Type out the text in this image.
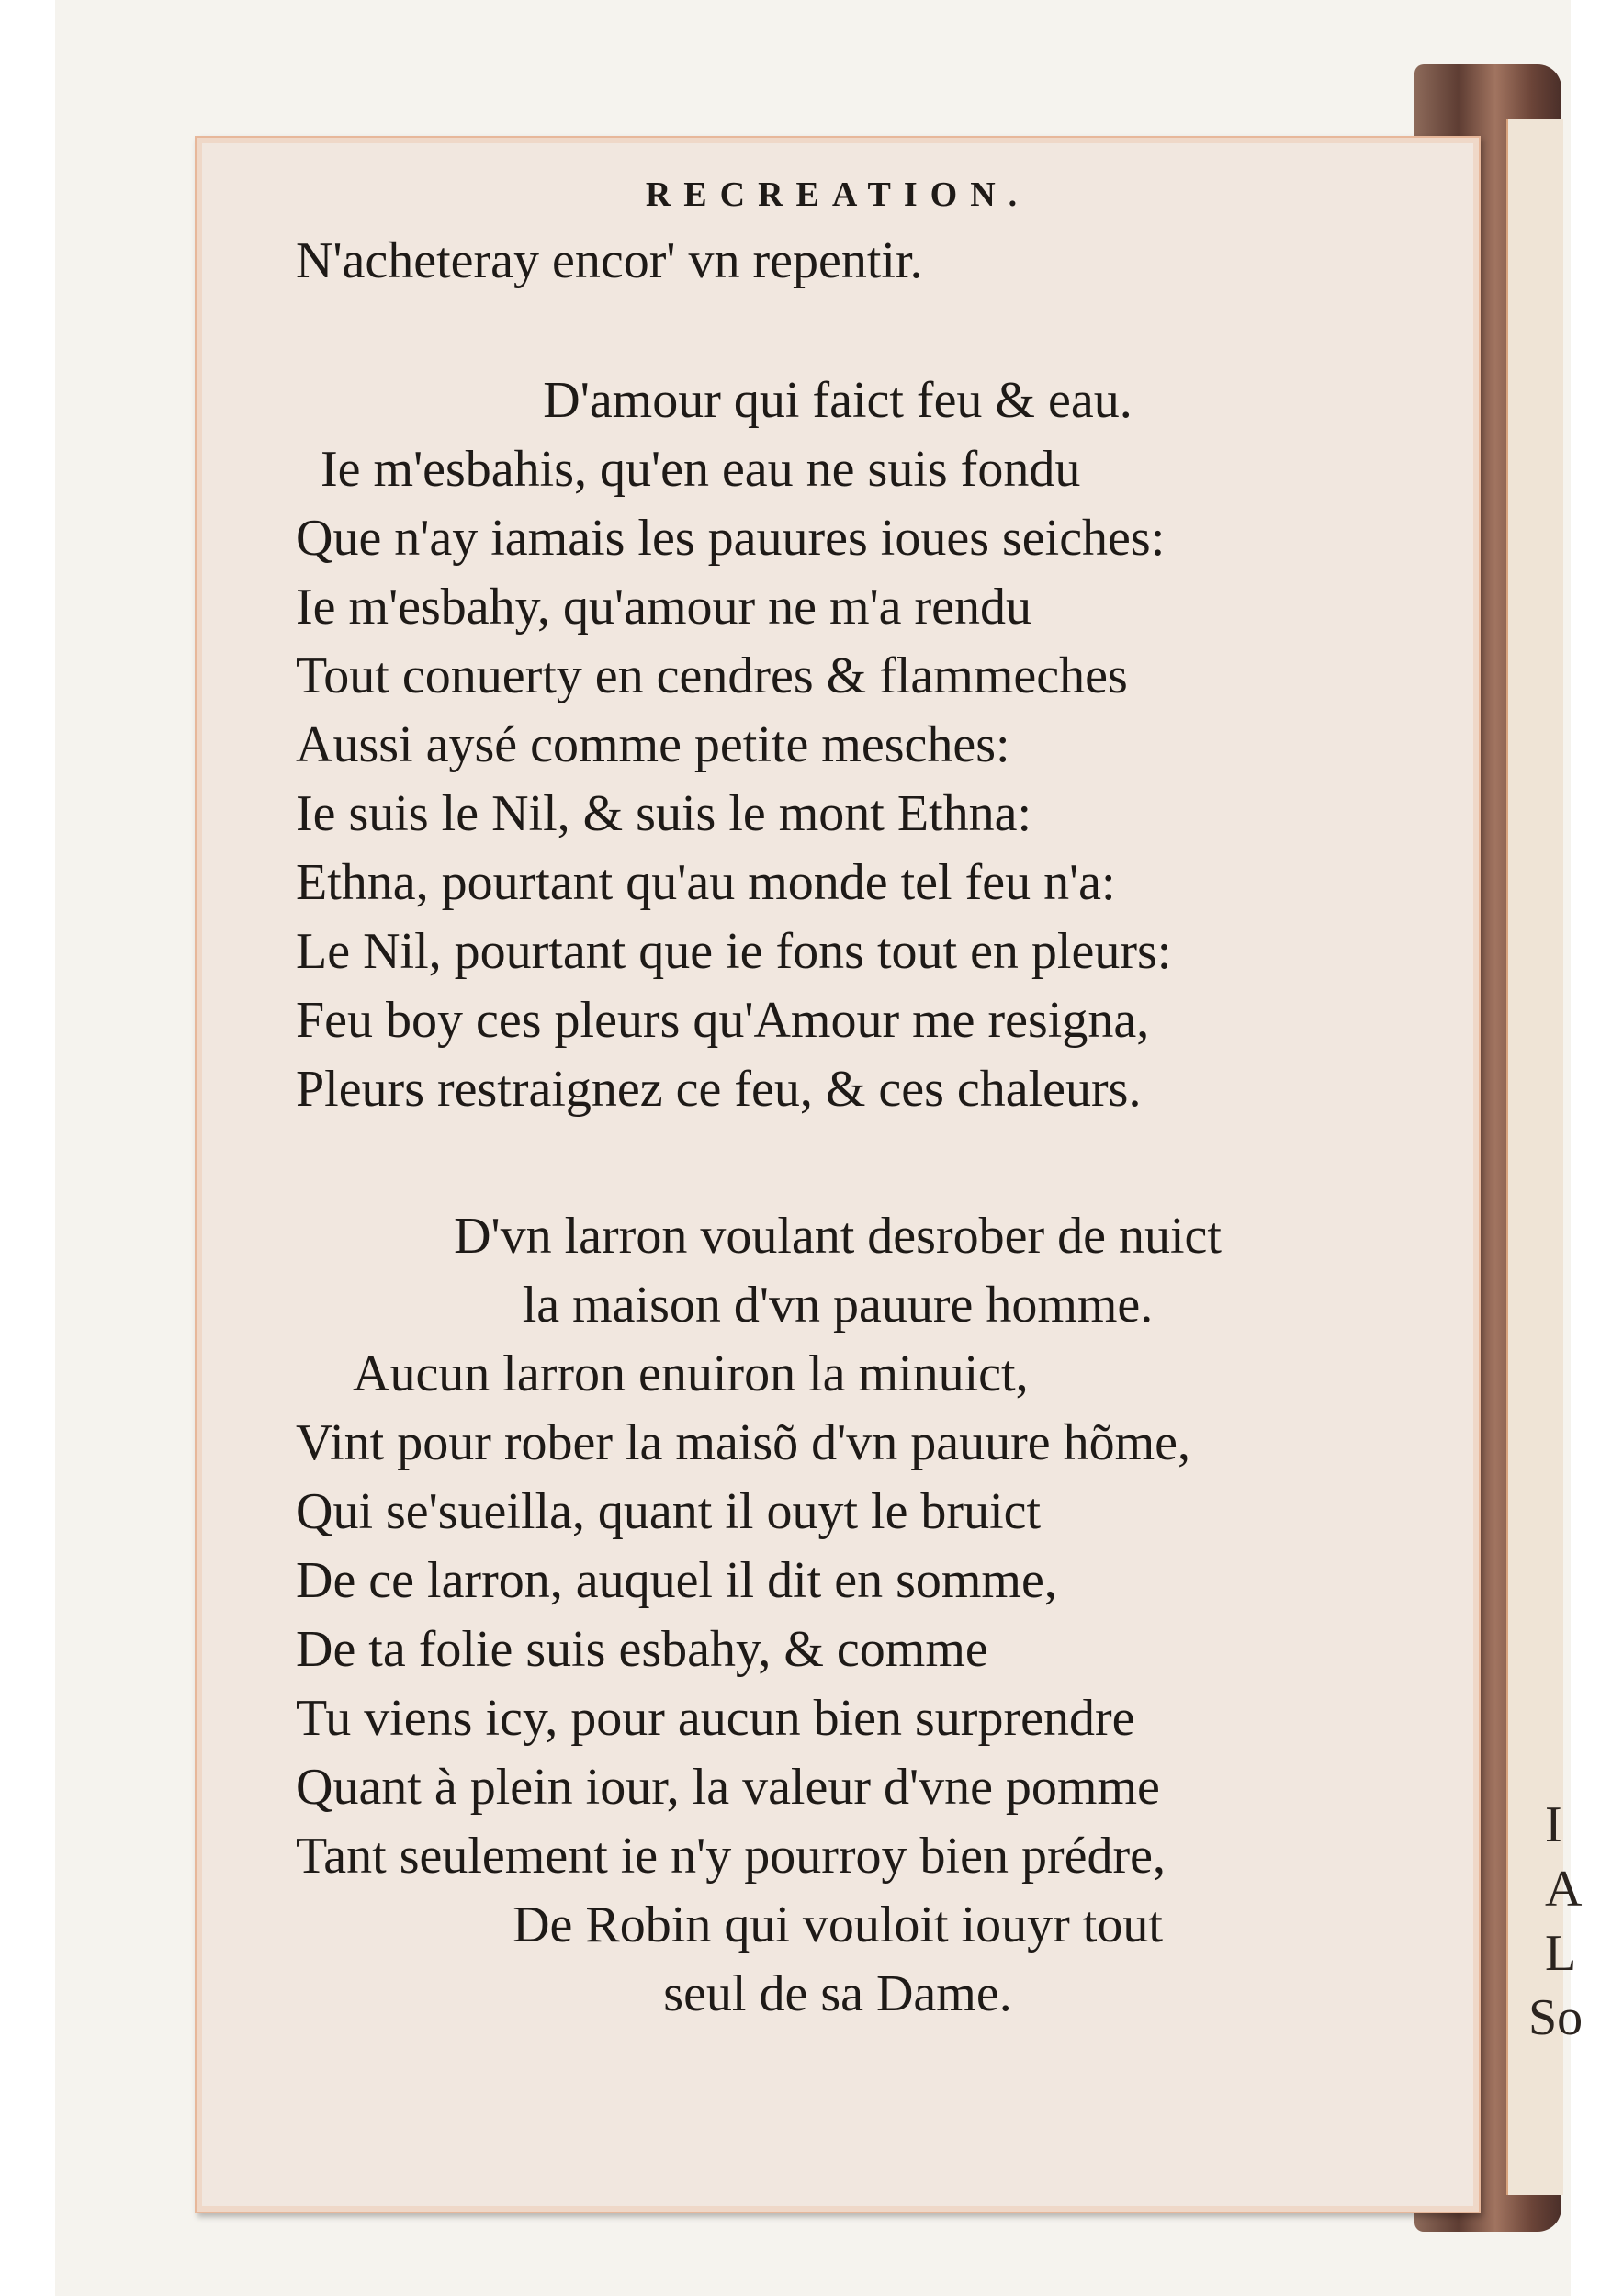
I
A
L
So
RECREATION.
N'acheteray encor' vn repentir.
D'amour qui faict feu & eau.
Ie m'esbahis, qu'en eau ne suis fondu
Que n'ay iamais les pauures ioues seiches:
Ie m'esbahy, qu'amour ne m'a rendu
Tout conuerty en cendres & flammeches
Aussi aysé comme petite mesches:
Ie suis le Nil, & suis le mont Ethna:
Ethna, pourtant qu'au monde tel feu n'a:
Le Nil, pourtant que ie fons tout en pleurs:
Feu boy ces pleurs qu'Amour me resigna,
Pleurs restraignez ce feu, & ces chaleurs.
D'vn larron voulant desrober de nuict
la maison d'vn pauure homme.
Aucun larron enuiron la minuict,
Vint pour rober la maisõ d'vn pauure hõme,
Qui se'sueilla, quant il ouyt le bruict
De ce larron, auquel il dit en somme,
De ta folie suis esbahy, & comme
Tu viens icy, pour aucun bien surprendre
Quant à plein iour, la valeur d'vne pomme
Tant seulement ie n'y pourroy bien prédre,
De Robin qui vouloit iouyr tout
seul de sa Dame.
